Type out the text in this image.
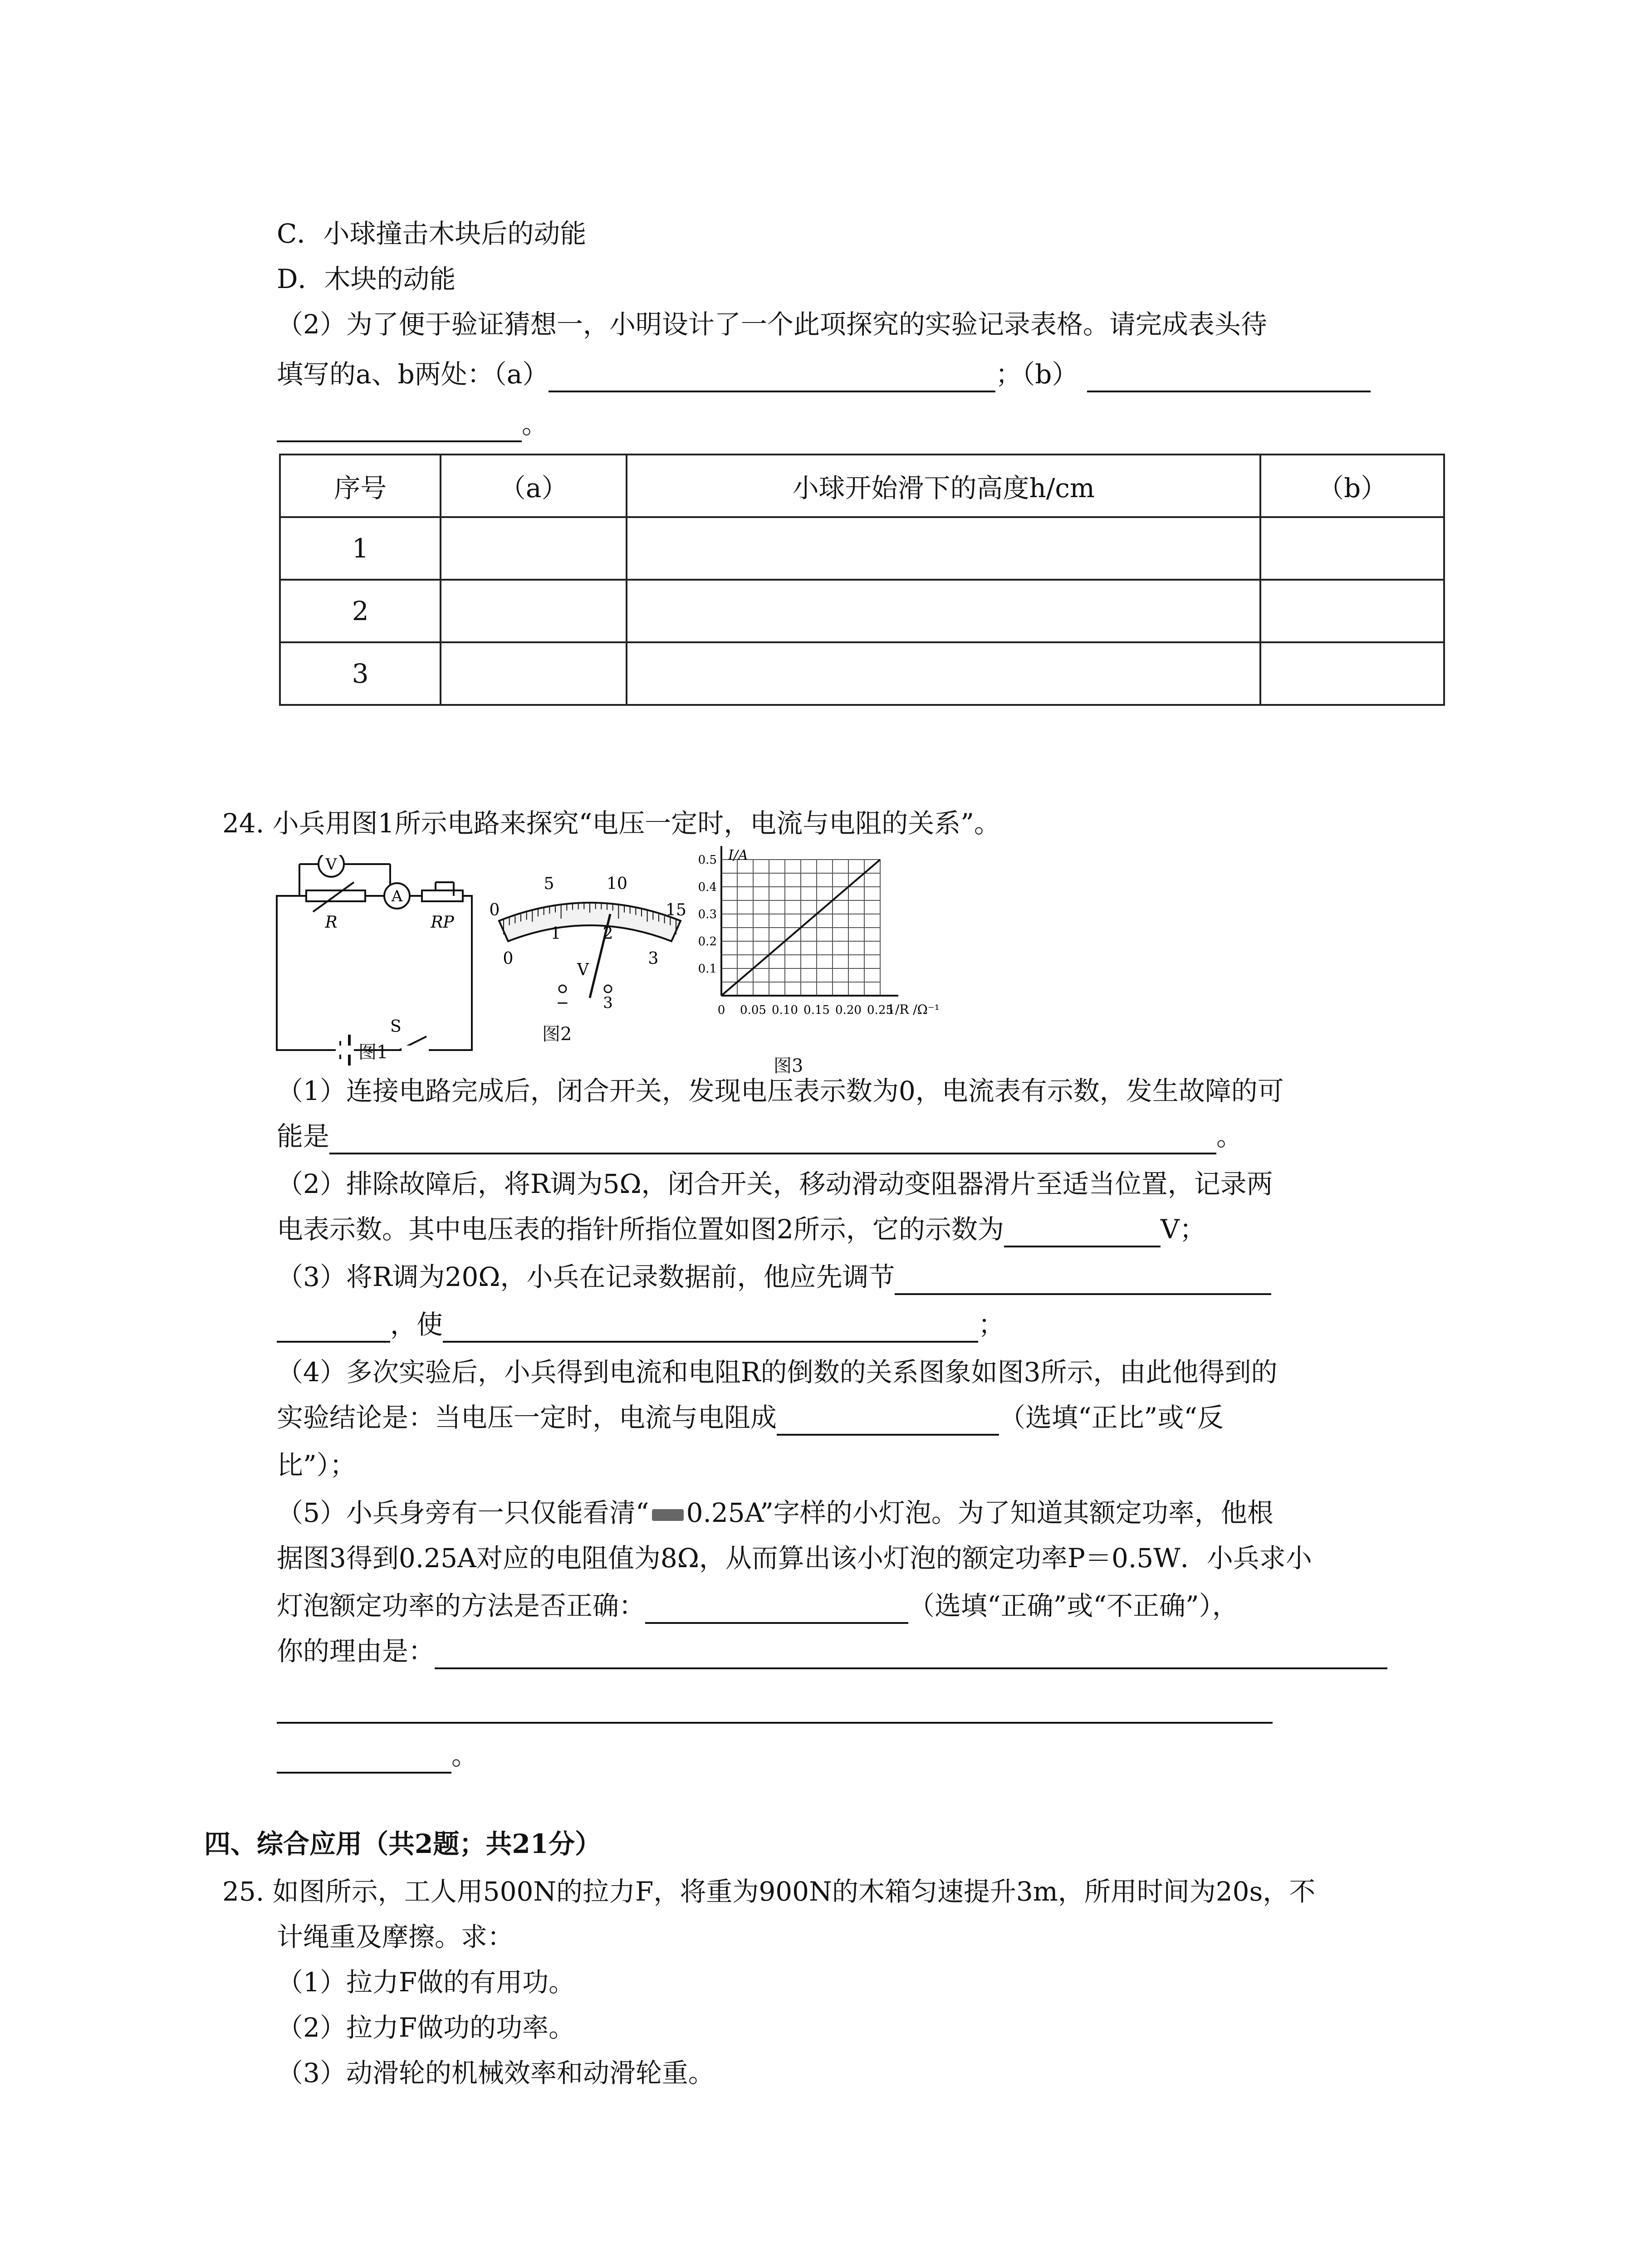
C．小球撞击木块后的动能
D．木块的动能
（2）为了便于验证猜想一，小明设计了一个此项探究的实验记录表格。请完成表头待
填写的a、b两处：（a）	；（b）
。
序号	（a）	小球开始滑下的高度h/cm	（b）
1			
2			
3			
24. 小兵用图1所示电路来探究“电压一定时，电流与电阻的关系”。
V
A
R	RP
S
图1
0
5	10
15
0
1	2
3
V
− 3
图2
0 0.05 0.10 0.15 0.20 0.25
0.1
0.2
0.3
0.4
0.5 I/A
1/R /Ω⁻¹
图3
（1）连接电路完成后，闭合开关，发现电压表示数为0，电流表有示数，发生故障的可
能是	。
（2）排除故障后，将R调为5Ω，闭合开关，移动滑动变阻器滑片至适当位置，记录两
电表示数。其中电压表的指针所指位置如图2所示，它的示数为	V；
（3）将R调为20Ω，小兵在记录数据前，他应先调节
，使	；
（4）多次实验后，小兵得到电流和电阻R的倒数的关系图象如图3所示，由此他得到的
实验结论是：当电压一定时，电流与电阻成	（选填“正比”或“反
比”）；
（5）小兵身旁有一只仅能看清“ 0.25A”字样的小灯泡。为了知道其额定功率，他根
据图3得到0.25A对应的电阻值为8Ω，从而算出该小灯泡的额定功率P＝0.5W．小兵求小
灯泡额定功率的方法是否正确：	（选填“正确”或“不正确”），
你的理由是：
。
四、综合应用（共2题；共21分）
25. 如图所示，工人用500N的拉力F，将重为900N的木箱匀速提升3m，所用时间为20s，不
计绳重及摩擦。求：
（1）拉力F做的有用功。
（2）拉力F做功的功率。
（3）动滑轮的机械效率和动滑轮重。
